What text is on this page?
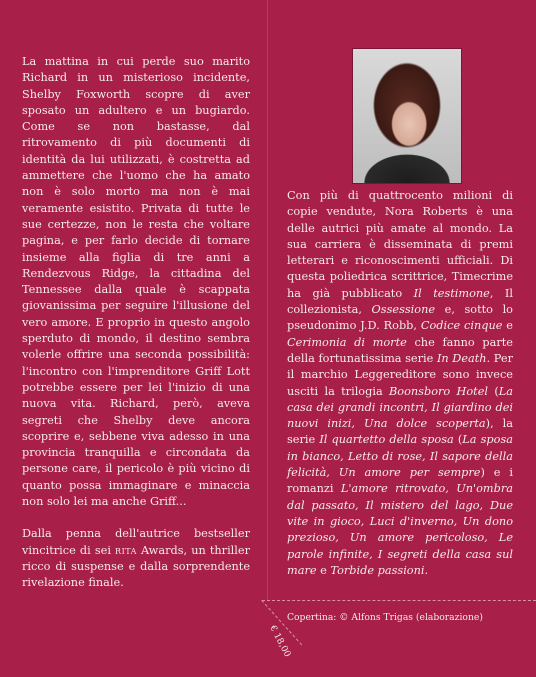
La mattina in cui perde suo marito Richard in un misterioso incidente, Shelby Foxworth scopre di aver sposato un adultero e un bugiardo. Come se non bastasse, dal ritrovamento di più documenti di identità da lui utilizzati, è costretta ad ammettere che l'uomo che ha amato non è solo morto ma non è mai veramente esistito. Privata di tutte le sue certezze, non le resta che voltare pagina, e per farlo decide di tornare insieme alla figlia di tre anni a Rendezvous Ridge, la cittadina del Tennessee dalla quale è scappata giovanissima per seguire l'illusione del vero amore. E proprio in questo angolo sperduto di mondo, il destino sembra volerle offrire una seconda possibilità: l'incontro con l'imprenditore Griff Lott potrebbe essere per lei l'inizio di una nuova vita. Richard, però, aveva segreti che Shelby deve ancora scoprire e, sebbene viva adesso in una provincia tranquilla e circondata da persone care, il pericolo è più vicino di quanto possa immaginare e minaccia non solo lei ma anche Griff...

Dalla penna dell'autrice bestseller vincitrice di sei rita Awards, un thriller ricco di suspense e dalla sorprendente rivelazione finale.

Con più di quattrocento milioni di copie vendute, Nora Roberts è una delle autrici più amate al mondo. La sua carriera è disseminata di premi letterari e riconoscimenti ufficiali. Di questa poliedrica scrittrice, Timecrime ha già pubblicato Il testimone, Il collezionista, Ossessione e, sotto lo pseudonimo J.D. Robb, Codice cinque e Cerimonia di morte che fanno parte della fortunatissima serie In Death. Per il marchio Leggereditore sono invece usciti la trilogia Boonsboro Hotel (La casa dei grandi incontri, Il giardino dei nuovi inizi, Una dolce scoperta), la serie Il quartetto della sposa (La sposa in bianco, Letto di rose, Il sapore della felicità, Un amore per sempre) e i romanzi L'amore ritrovato, Un'ombra dal passato, Il mistero del lago, Due vite in gioco, Luci d'inverno, Un dono prezioso, Un amore pericoloso, Le parole infinite, I segreti della casa sul mare e Torbide passioni.

Copertina: © Alfons Trigas (elaborazione)
€ 18,00
